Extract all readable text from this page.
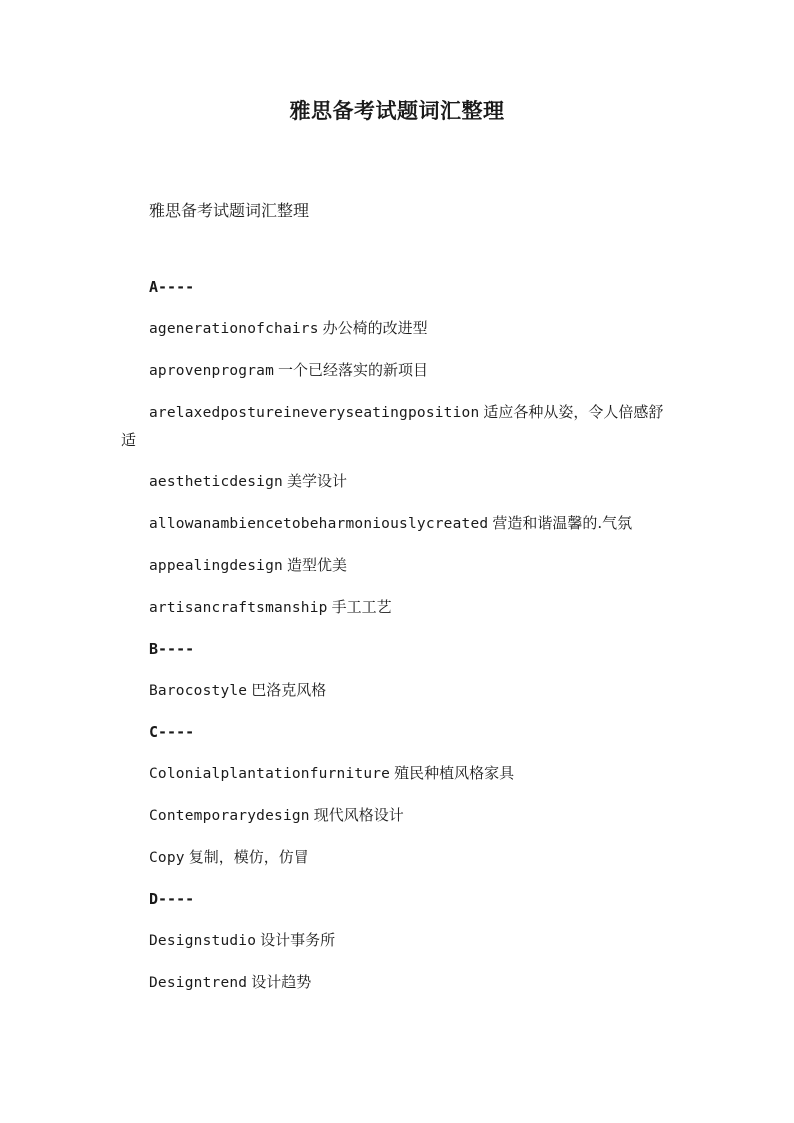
雅思备考试题词汇整理

雅思备考试题词汇整理

A----
agenerationofchairs 办公椅的改进型
aprovenprogram 一个已经落实的新项目
arelaxedpostureineveryseatingposition 适应各种从姿，令人倍感舒适
aestheticdesign 美学设计
allowanambiencetobeharmoniouslycreated 营造和谐温馨的.气氛
appealingdesign 造型优美
artisancraftsmanship 手工工艺
B----
Barocostyle 巴洛克风格
C----
Colonialplantationfurniture 殖民种植风格家具
Contemporarydesign 现代风格设计
Copy 复制，模仿，仿冒
D----
Designstudio 设计事务所
Designtrend 设计趋势
